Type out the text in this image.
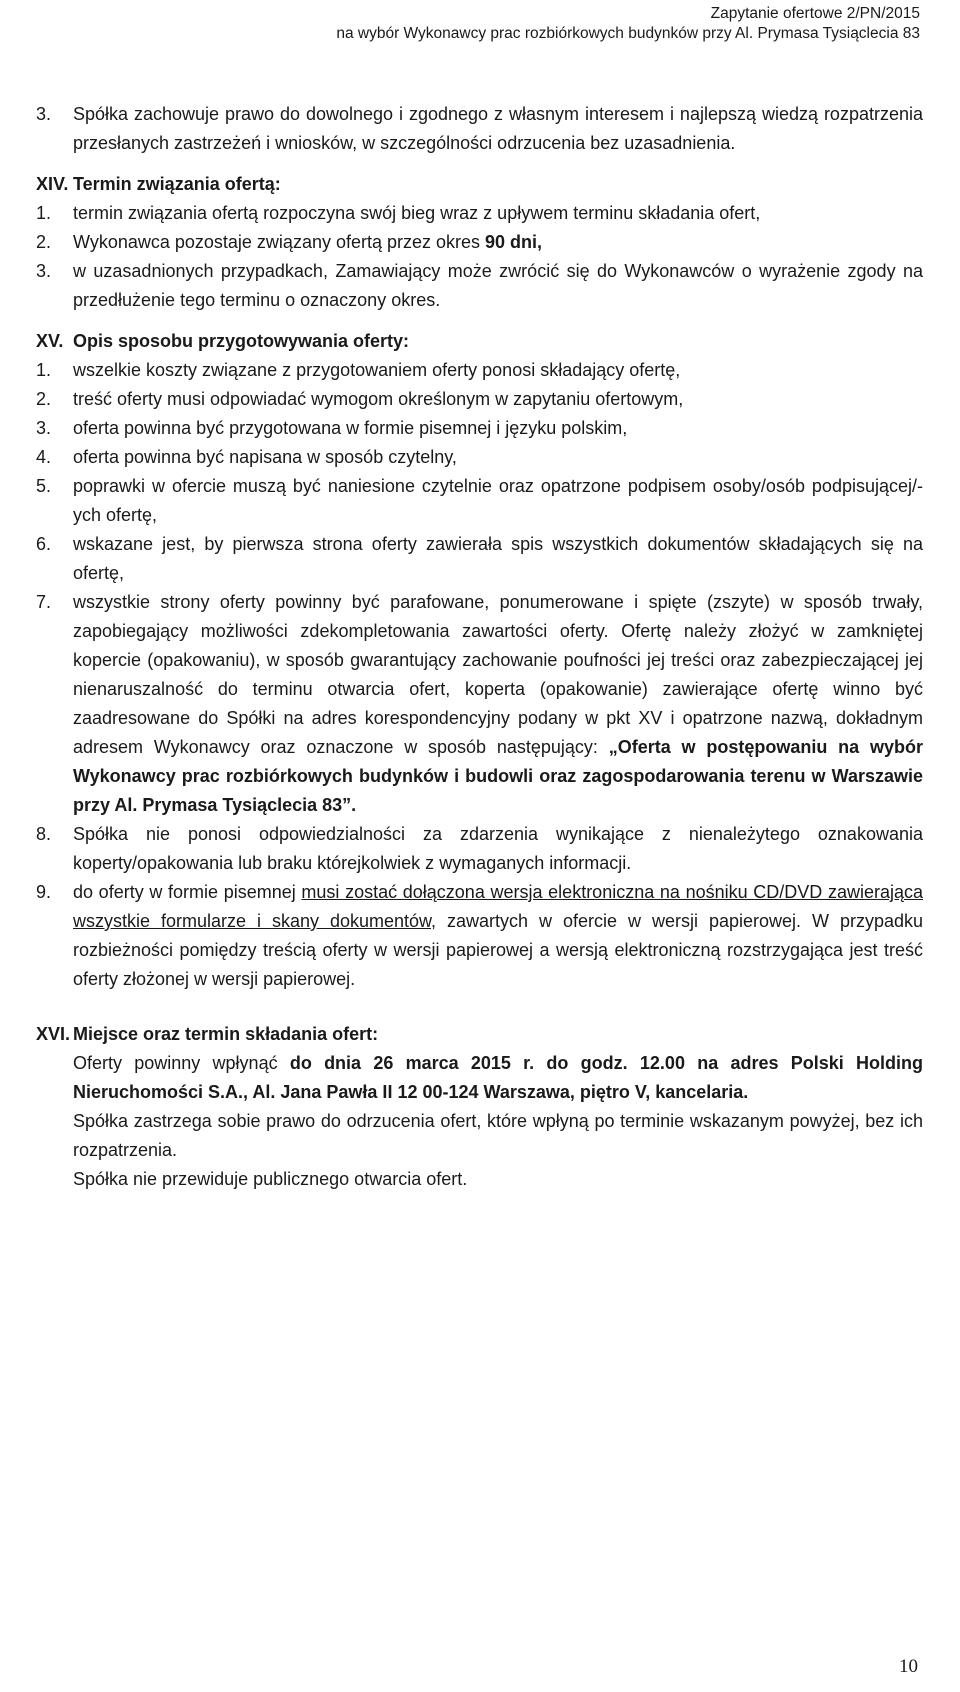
Zapytanie ofertowe 2/PN/2015
na wybór Wykonawcy prac rozbiórkowych budynków przy Al. Prymasa Tysiąclecia 83
3.	Spółka zachowuje prawo do dowolnego i zgodnego z własnym interesem i najlepszą wiedzą rozpatrzenia przesłanych zastrzeżeń i wniosków, w szczególności odrzucenia bez uzasadnienia.
XIV. Termin związania ofertą:
1.	termin związania ofertą rozpoczyna swój bieg wraz z upływem terminu składania ofert,
2.	Wykonawca pozostaje związany ofertą przez okres 90 dni,
3.	w uzasadnionych przypadkach, Zamawiający może zwrócić się do Wykonawców o wyrażenie zgody na przedłużenie tego terminu o oznaczony okres.
XV. Opis sposobu przygotowywania oferty:
1.	wszelkie koszty związane z przygotowaniem oferty ponosi składający ofertę,
2.	treść oferty musi odpowiadać wymogom określonym w zapytaniu ofertowym,
3.	oferta powinna być przygotowana w formie pisemnej i języku polskim,
4.	oferta powinna być napisana w sposób czytelny,
5.	poprawki w ofercie muszą być naniesione czytelnie oraz opatrzone podpisem osoby/osób podpisującej/-ych ofertę,
6.	wskazane jest, by pierwsza strona oferty zawierała spis wszystkich dokumentów składających się na ofertę,
7.	wszystkie strony oferty powinny być parafowane, ponumerowane i spięte (zszyte) w sposób trwały, zapobiegający możliwości zdekompletowania zawartości oferty. Ofertę należy złożyć w zamkniętej kopercie (opakowaniu), w sposób gwarantujący zachowanie poufności jej treści oraz zabezpieczającej jej nienaruszalność do terminu otwarcia ofert, koperta (opakowanie) zawierające ofertę winno być zaadresowane do Spółki na adres korespondencyjny podany w pkt XV i opatrzone nazwą, dokładnym adresem Wykonawcy oraz oznaczone w sposób następujący: „Oferta w postępowaniu na wybór Wykonawcy prac rozbiórkowych budynków i budowli oraz zagospodarowania terenu w Warszawie przy Al. Prymasa Tysiąclecia 83”.
8.	Spółka nie ponosi odpowiedzialności za zdarzenia wynikające z nienależytego oznakowania koperty/opakowania lub braku którejkolwiek z wymaganych informacji.
9.	do oferty w formie pisemnej musi zostać dołączona wersja elektroniczna na nośniku CD/DVD zawierająca wszystkie formularze i skany dokumentów, zawartych w ofercie w wersji papierowej. W przypadku rozbieżności pomiędzy treścią oferty w wersji papierowej a wersją elektroniczną rozstrzygająca jest treść oferty złożonej w wersji papierowej.
XVI. Miejsce oraz termin składania ofert:
Oferty powinny wpłynąć do dnia 26 marca 2015 r. do godz. 12.00 na adres Polski Holding Nieruchomości S.A., Al. Jana Pawła II 12 00-124 Warszawa, piętro V, kancelaria.
Spółka zastrzega sobie prawo do odrzucenia ofert, które wpłyną po terminie wskazanym powyżej, bez ich rozpatrzenia.
Spółka nie przewiduje publicznego otwarcia ofert.
10
